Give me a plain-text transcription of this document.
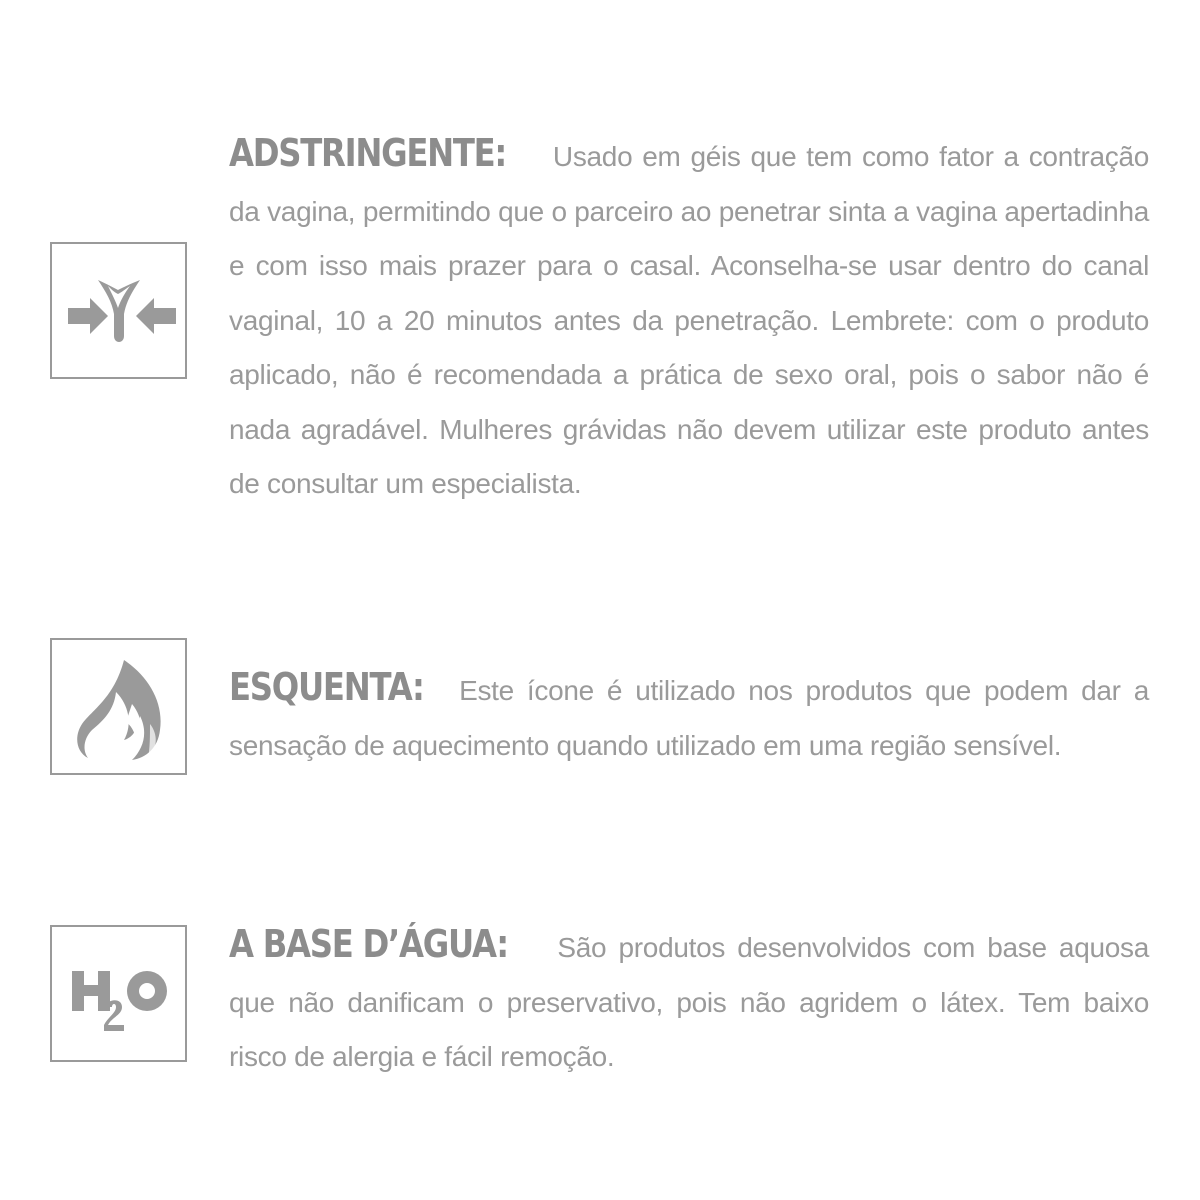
ADSTRINGENTE: Usado em géis que tem como fator a contração da vagina, permitindo que o parceiro ao penetrar sinta a vagina apertadinha e com isso mais prazer para o casal. Aconselha-se usar dentro do canal vaginal, 10 a 20 minutos antes da penetração. Lembrete: com o produto aplicado, não é recomendada a prática de sexo oral, pois o sabor não é nada agradável. Mulheres grávidas não devem utilizar este produto antes de consultar um especialista.

ESQUENTA: Este ícone é utilizado nos produtos que podem dar a sensação de aquecimento quando utilizado em uma região sensível.

A BASE D’ÁGUA: São produtos desenvolvidos com base aquosa que não danificam o preservativo, pois não agridem o látex. Tem baixo risco de alergia e fácil remoção.
